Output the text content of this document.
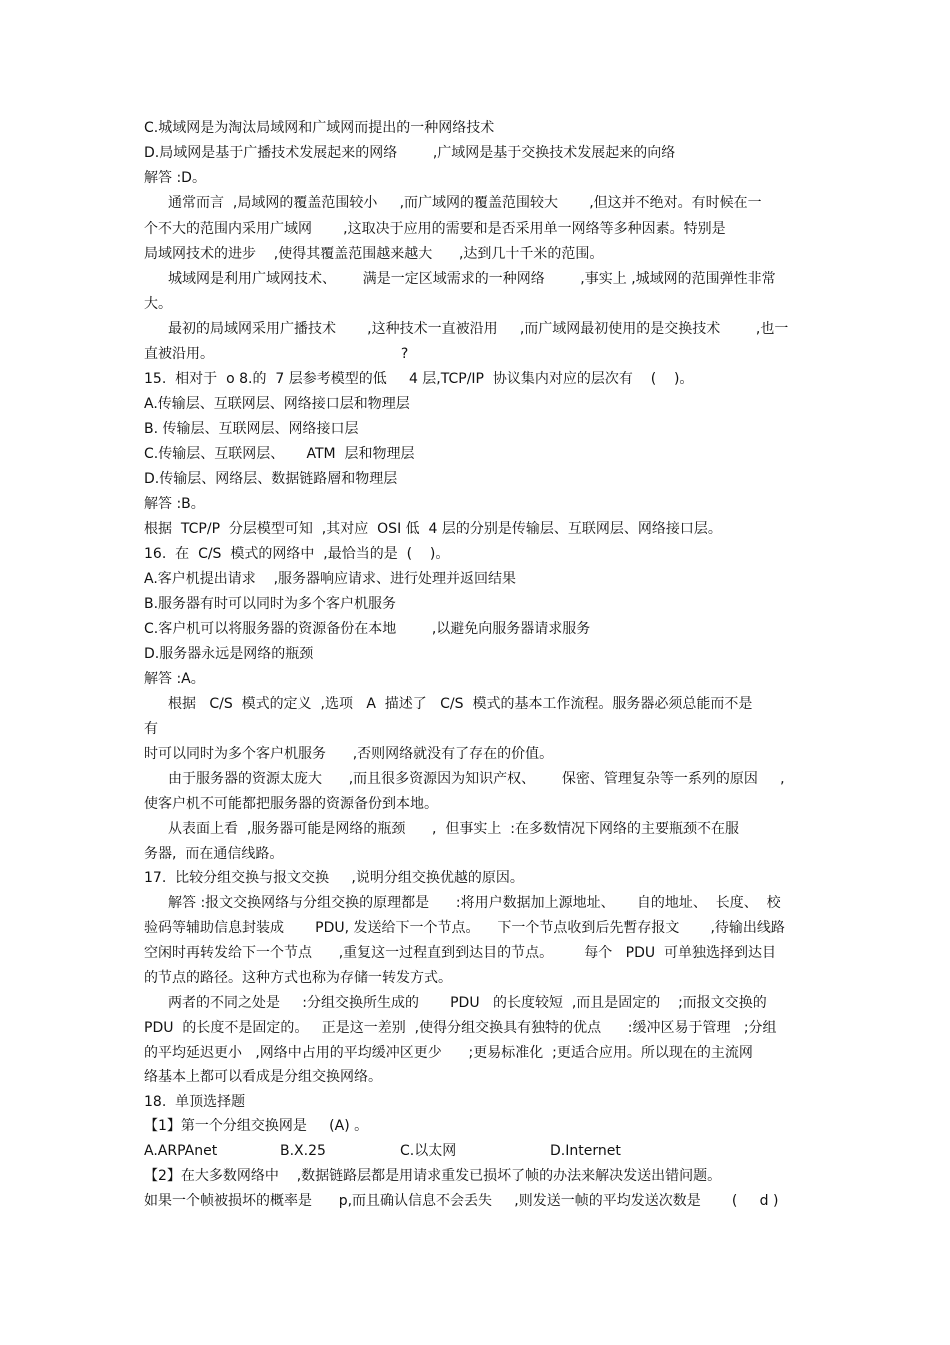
C.城域网是为淘汰局域网和广域网而提出的一种网络技术

D.局域网是基于广播技术发展起来的网络        ,广域网是基于交换技术发展起来的向络

解答 :D。

通常而言  ,局域网的覆盖范围较小     ,而广域网的覆盖范围较大       ,但这并不绝对。有时候在一

个不大的范围内采用广域网       ,这取决于应用的需要和是否采用单一网络等多种因素。特别是

局域网技术的进步    ,使得其覆盖范围越来越大      ,达到几十千米的范围。

城域网是利用广域网技术、      满是一定区域需求的一种网络        ,事实上 ,城域网的范围弹性非常

大。

最初的局域网采用广播技术       ,这种技术一直被沿用     ,而广域网最初使用的是交换技术        ,也一

直被沿用。                                          ?

15.  相对于  o 8.的  7 层参考模型的低     4 层,TCP/IP  协议集内对应的层次有    (    )。

A.传输层、互联网层、网络接口层和物理层

B. 传输层、互联网层、网络接口层

C.传输层、互联网层、     ATM  层和物理层

D.传输层、网络层、数据链路層和物理层

解答 :B。

根据  TCP/P  分层模型可知  ,其对应  OSI 低  4 层的分别是传输层、互联网层、网络接口层。

16.  在  C/S  模式的网络中  ,最恰当的是  (    )。

A.客户机提出请求    ,服务器响应请求、进行处理并返回结果

B.服务器有时可以同时为多个客户机服务

C.客户机可以将服务器的资源备份在本地        ,以避免向服务器请求服务

D.服务器永远是网络的瓶颈

解答 :A。

根据   C/S  模式的定义  ,选项   A  描述了   C/S  模式的基本工作流程。服务器必须总能而不是

有

时可以同时为多个客户机服务      ,否则网络就没有了存在的价值。

由于服务器的资源太庞大      ,而且很多资源因为知识产权、      保密、管理复杂等一系列的原因     ,

使客户机不可能都把服务器的资源备份到本地。

从表面上看  ,服务器可能是网络的瓶颈      ,  但事实上  :在多数情况下网络的主要瓶颈不在服

务器,  而在通信线路。

17.  比较分组交换与报文交换     ,说明分组交换优越的原因。

解答 :报文交换网络与分组交换的原理都是      :将用户数据加上源地址、     自的地址、  长度、  校

验码等辅助信息封装成       PDU, 发送给下一个节点。    下一个节点收到后先暫存报文       ,待输出线路

空闲时再转发给下一个节点      ,重复这一过程直到到达目的节点。       每个   PDU  可单独选择到达目

的节点的路径。这种方式也称为存储一转发方式。

两者的不同之处是     :分组交换所生成的       PDU   的长度较短  ,而且是固定的    ;而报文交换的

PDU  的长度不是固定的。   正是这一差别  ,使得分组交换具有独特的优点      :缓冲区易于管理   ;分组

的平均延迟更小   ,网络中占用的平均缓冲区更少      ;更易标准化  ;更适合应用。所以现在的主流网

络基本上都可以看成是分组交换网络。

18.  单顶选择题

【1】第一个分组交换网是     (A) 。

A.ARPAnet	B.X.25	C.以太网	D.Internet

【2】在大多数网络中    ,数据链路层都是用请求重发已损坏了帧的办法来解决发送出错问题。

如果一个帧被损坏的概率是      p,而且确认信息不会丢失     ,则发送一帧的平均发送次数是       (     d )
